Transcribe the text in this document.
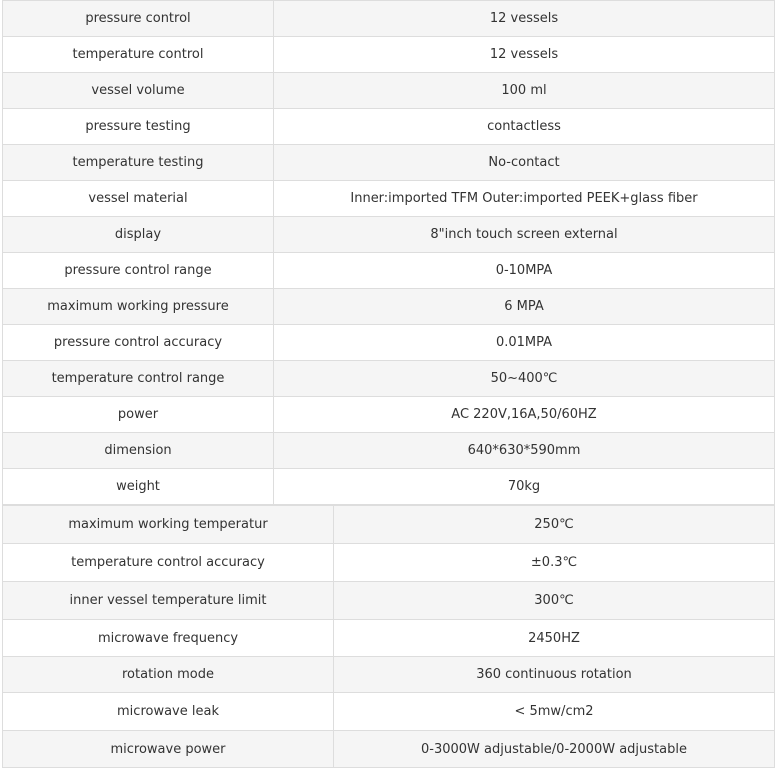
pressure control	12 vessels
temperature control	12 vessels
vessel volume	100 ml
pressure testing	contactless
temperature testing	No-contact
vessel material	Inner:imported TFM Outer:imported PEEK+glass fiber
display	8"inch touch screen external
pressure control range	0-10MPA
maximum working pressure	6 MPA
pressure control accuracy	0.01MPA
temperature control range	50~400℃
power	AC 220V,16A,50/60HZ
dimension	640*630*590mm
weight	70kg
maximum working temperatur	250℃
temperature control accuracy	±0.3℃
inner vessel temperature limit	300℃
microwave frequency	2450HZ
rotation mode	360 continuous rotation
microwave leak	< 5mw/cm2
microwave power	0-3000W adjustable/0-2000W adjustable
